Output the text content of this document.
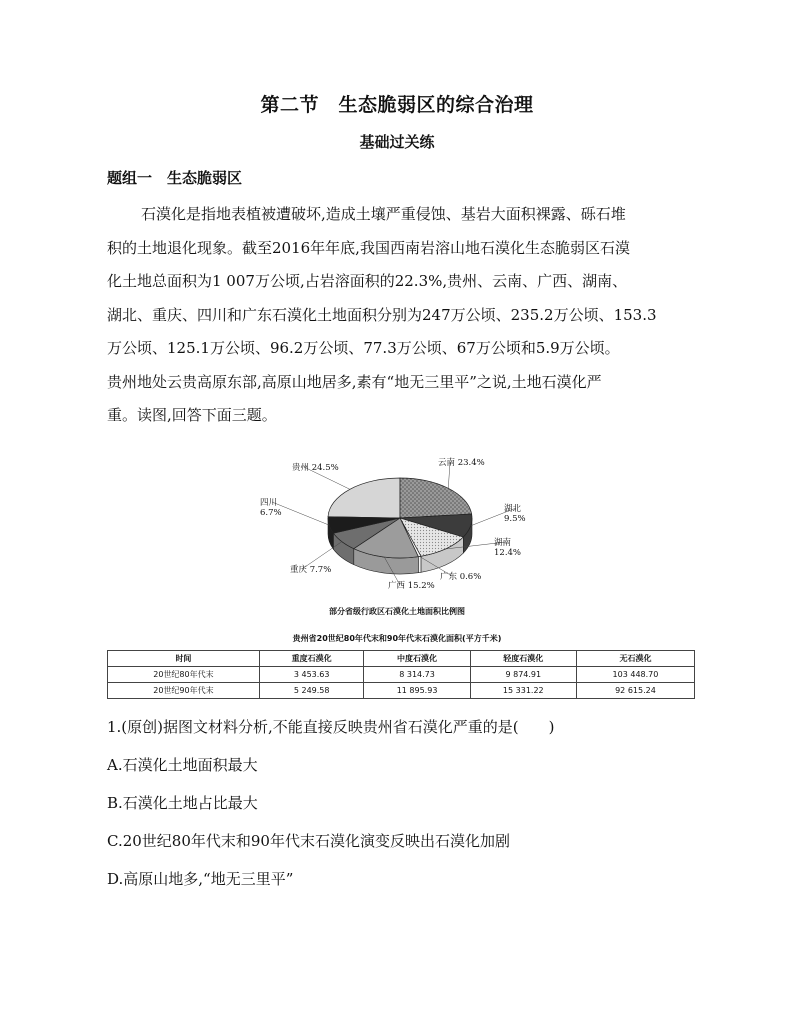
第二节　生态脆弱区的综合治理
基础过关练
题组一　生态脆弱区
石漠化是指地表植被遭破坏,造成土壤严重侵蚀、基岩大面积裸露、砾石堆
积的土地退化现象。截至2016年年底,我国西南岩溶山地石漠化生态脆弱区石漠
化土地总面积为1 007万公顷,占岩溶面积的22.3%,贵州、云南、广西、湖南、
湖北、重庆、四川和广东石漠化土地面积分别为247万公顷、235.2万公顷、153.3
万公顷、125.1万公顷、96.2万公顷、77.3万公顷、67万公顷和5.9万公顷。
贵州地处云贵高原东部,高原山地居多,素有“地无三里平”之说,土地石漠化严
重。读图,回答下面三题。
贵州 24.5%	云南 23.4%
湖北 9.5%
湖南 12.4%
广东 0.6%
广西 15.2%
重庆 7.7%
四川 6.7%
部分省级行政区石漠化土地面积比例图
贵州省20世纪80年代末和90年代末石漠化面积(平方千米)
时间	重度石漠化	中度石漠化	轻度石漠化	无石漠化
20世纪80年代末	3 453.63	8 314.73	9 874.91	103 448.70
20世纪90年代末	5 249.58	11 895.93	15 331.22	92 615.24
1.(原创)据图文材料分析,不能直接反映贵州省石漠化严重的是(　　)
A.石漠化土地面积最大
B.石漠化土地占比最大
C.20世纪80年代末和90年代末石漠化演变反映出石漠化加剧
D.高原山地多,“地无三里平”
